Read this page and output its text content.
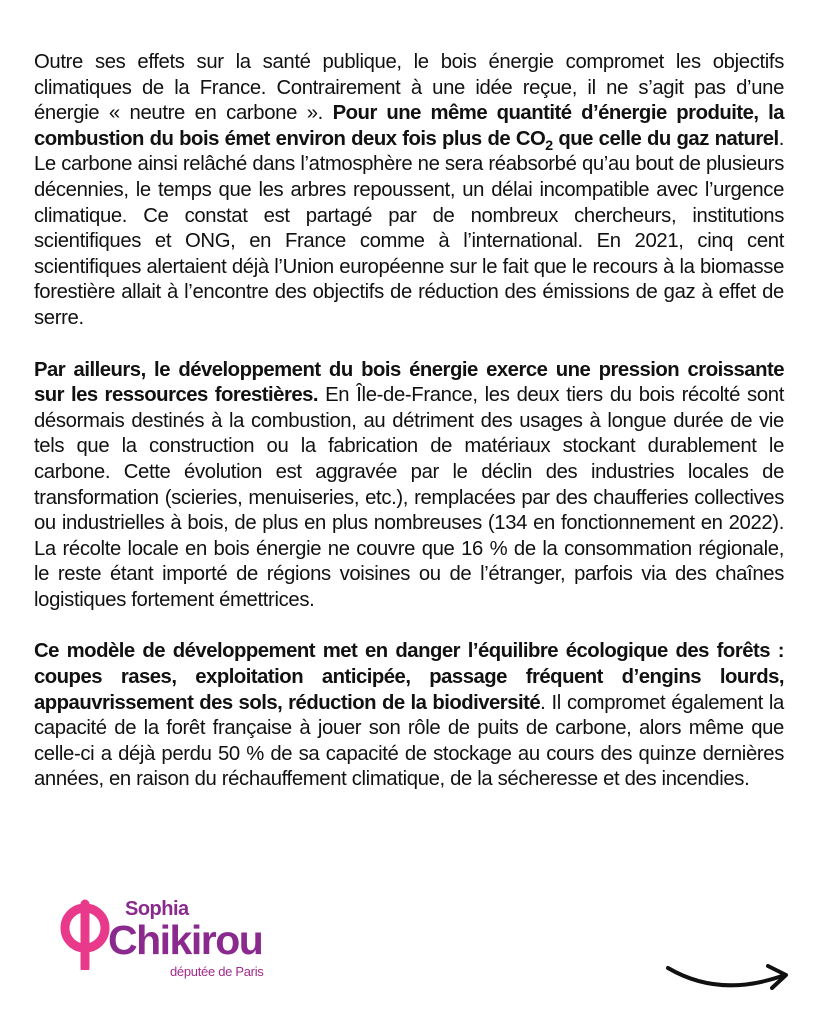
Outre ses effets sur la santé publique, le bois énergie compromet les objectifs climatiques de la France. Contrairement à une idée reçue, il ne s’agit pas d’une énergie « neutre en carbone ». Pour une même quantité d’énergie produite, la combustion du bois émet environ deux fois plus de $CO_2$ que celle du gaz naturel. Le carbone ainsi relâché dans l’atmosphère ne sera réabsorbé qu’au bout de plusieurs décennies, le temps que les arbres repoussent, un délai incompatible avec l’urgence climatique. Ce constat est partagé par de nombreux chercheurs, institutions scientifiques et ONG, en France comme à l’international. En 2021, cinq cent scientifiques alertaient déjà l’Union européenne sur le fait que le recours à la biomasse forestière allait à l’encontre des objectifs de réduction des émissions de gaz à effet de serre.

Par ailleurs, le développement du bois énergie exerce une pression croissante sur les ressources forestières. En Île-de-France, les deux tiers du bois récolté sont désormais destinés à la combustion, au détriment des usages à longue durée de vie tels que la construction ou la fabrication de matériaux stockant durablement le carbone. Cette évolution est aggravée par le déclin des industries locales de transformation (scieries, menuiseries, etc.), remplacées par des chaufferies collectives ou industrielles à bois, de plus en plus nombreuses (134 en fonctionnement en 2022). La récolte locale en bois énergie ne couvre que 16 % de la consommation régionale, le reste étant importé de régions voisines ou de l’étranger, parfois via des chaînes logistiques fortement émettrices.

Ce modèle de développement met en danger l’équilibre écologique des forêts : coupes rases, exploitation anticipée, passage fréquent d’engins lourds, appauvrissement des sols, réduction de la biodiversité. Il compromet également la capacité de la forêt française à jouer son rôle de puits de carbone, alors même que celle-ci a déjà perdu 50 % de sa capacité de stockage au cours des quinze dernières années, en raison du réchauffement climatique, de la sécheresse et des incendies.

Sophia
Chikirou
députée de Paris
